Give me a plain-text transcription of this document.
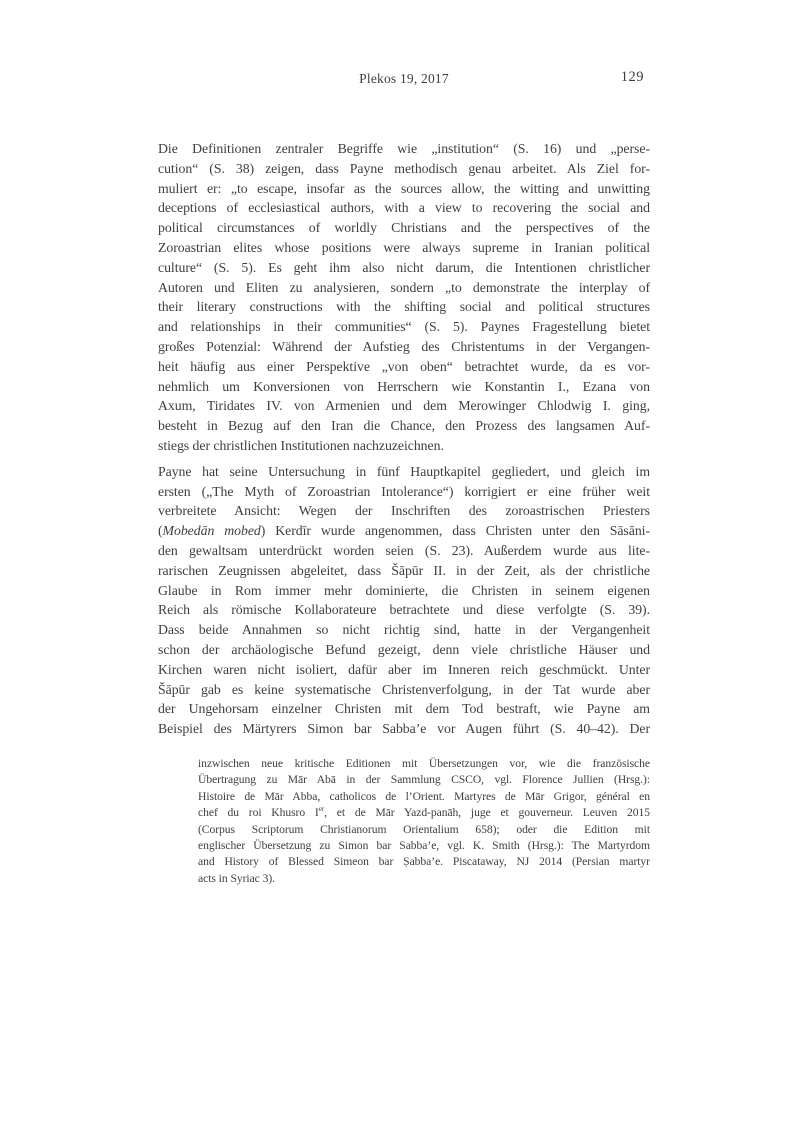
Plekos 19, 2017	129
Die Definitionen zentraler Begriffe wie „institution“ (S. 16) und „perse-
cution“ (S. 38) zeigen, dass Payne methodisch genau arbeitet. Als Ziel for-
muliert er: „to escape, insofar as the sources allow, the witting and unwitting
deceptions of ecclesiastical authors, with a view to recovering the social and
political circumstances of worldly Christians and the perspectives of the
Zoroastrian elites whose positions were always supreme in Iranian political
culture“ (S. 5). Es geht ihm also nicht darum, die Intentionen christlicher
Autoren und Eliten zu analysieren, sondern „to demonstrate the interplay of
their literary constructions with the shifting social and political structures
and relationships in their communities“ (S. 5). Paynes Fragestellung bietet
großes Potenzial: Während der Aufstieg des Christentums in der Vergangen-
heit häufig aus einer Perspektive „von oben“ betrachtet wurde, da es vor-
nehmlich um Konversionen von Herrschern wie Konstantin I., Ezana von
Axum, Tiridates IV. von Armenien und dem Merowinger Chlodwig I. ging,
besteht in Bezug auf den Iran die Chance, den Prozess des langsamen Auf-
stiegs der christlichen Institutionen nachzuzeichnen.
Payne hat seine Untersuchung in fünf Hauptkapitel gegliedert, und gleich im
ersten („The Myth of Zoroastrian Intolerance“) korrigiert er eine früher weit
verbreitete Ansicht: Wegen der Inschriften des zoroastrischen Priesters
(Mobedān mobed) Kerdīr wurde angenommen, dass Christen unter den Sāsāni-
den gewaltsam unterdrückt worden seien (S. 23). Außerdem wurde aus lite-
rarischen Zeugnissen abgeleitet, dass Šāpūr II. in der Zeit, als der christliche
Glaube in Rom immer mehr dominierte, die Christen in seinem eigenen
Reich als römische Kollaborateure betrachtete und diese verfolgte (S. 39).
Dass beide Annahmen so nicht richtig sind, hatte in der Vergangenheit
schon der archäologische Befund gezeigt, denn viele christliche Häuser und
Kirchen waren nicht isoliert, dafür aber im Inneren reich geschmückt. Unter
Šāpūr gab es keine systematische Christenverfolgung, in der Tat wurde aber
der Ungehorsam einzelner Christen mit dem Tod bestraft, wie Payne am
Beispiel des Märtyrers Simon bar Sabba’e vor Augen führt (S. 40–42). Der
inzwischen neue kritische Editionen mit Übersetzungen vor, wie die französische
Übertragung zu Mār Abā in der Sammlung CSCO, vgl. Florence Jullien (Hrsg.):
Histoire de Mār Abba, catholicos de l’Orient. Martyres de Mār Grigor, général en
chef du roi Khusro Ier, et de Mār Yazd-panāh, juge et gouverneur. Leuven 2015
(Corpus Scriptorum Christianorum Orientalium 658); oder die Edition mit
englischer Übersetzung zu Simon bar Sabba’e, vgl. K. Smith (Hrsg.): The Martyrdom
and History of Blessed Simeon bar Ṣabba’e. Piscataway, NJ 2014 (Persian martyr
acts in Syriac 3).
